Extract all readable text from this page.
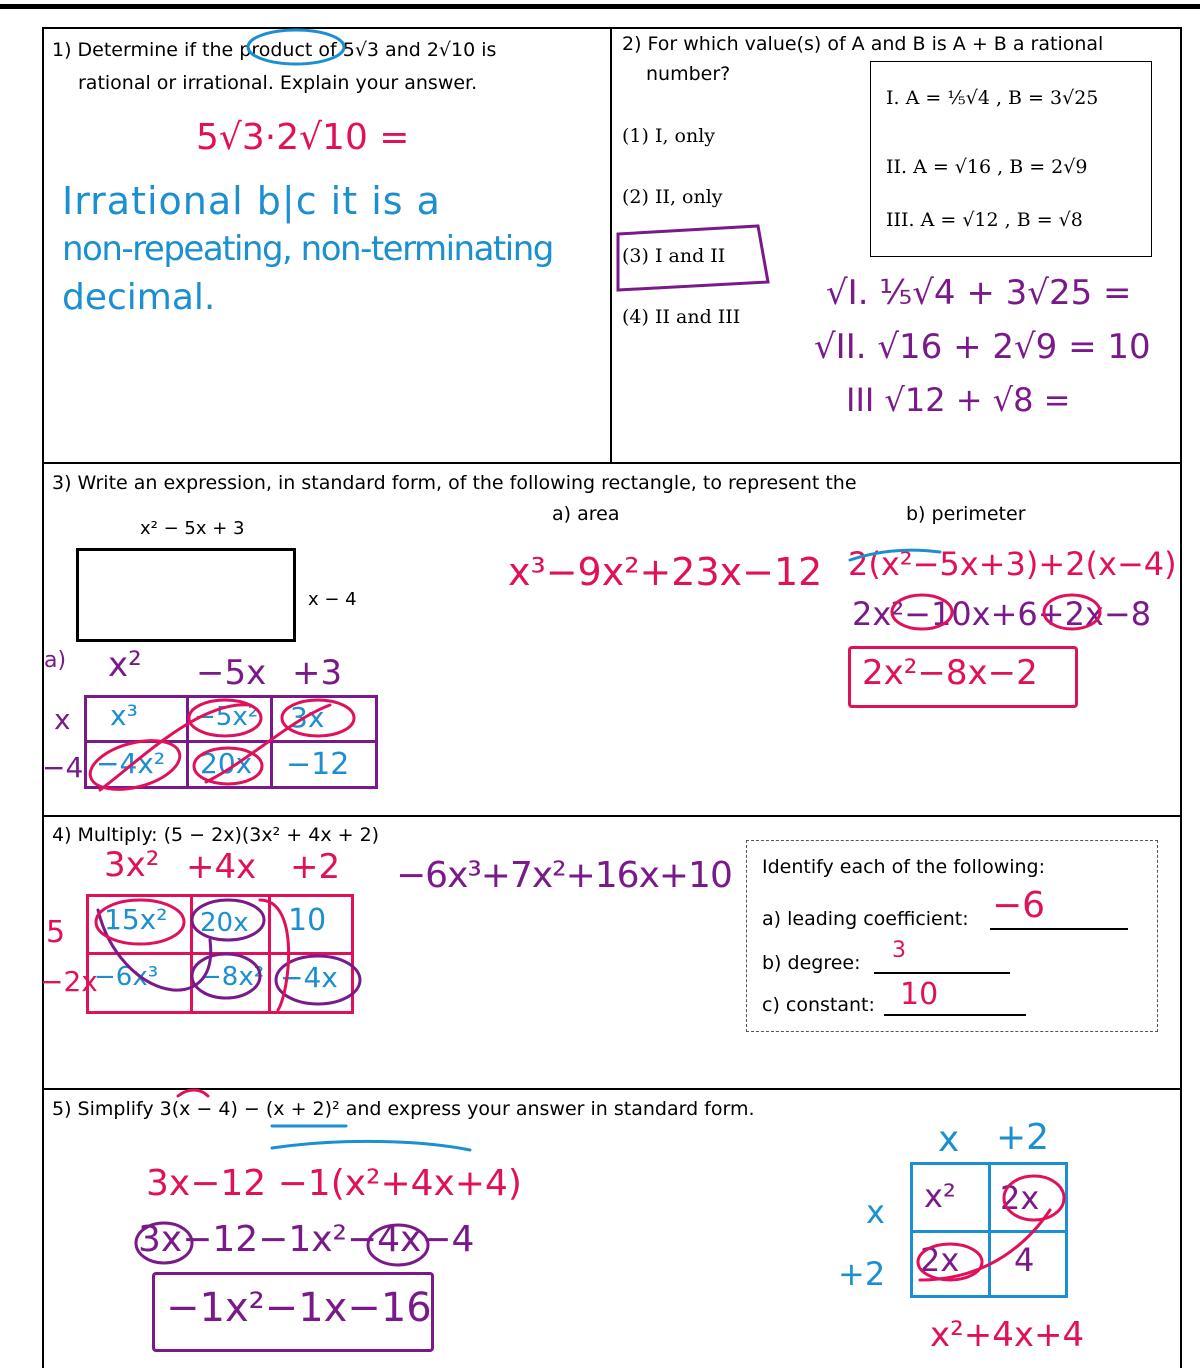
1) Determine if the product of 5√3 and 2√10 is
rational or irrational. Explain your answer.
5√3·2√10 =
Irrational b|c it is a
non-repeating, non-terminating
decimal.
2) For which value(s) of A and B is A + B a rational
number?
(1) I, only
(2) II, only
(3) I and II
(4) II and III
I. A = ⅕√4 , B = 3√25
II. A = √16 , B = 2√9
III. A = √12 , B = √8
√I. ⅕√4 + 3√25 =
√II. √16 + 2√9 = 10
III √12 + √8 =
3) Write an expression, in standard form, of the following rectangle, to represent the
a) area	b) perimeter
x² − 5x + 3
x − 4
x³−9x²+23x−12 2(x²−5x+3)+2(x−4)
2x²−10x+6+2x−8
2x²−8x−2
a) x² −5x +3
x
−4
x³ −5x² 3x
−4x² 20x −12
4) Multiply: (5 − 2x)(3x² + 4x + 2)
3x² +4x +2
5
−2x
15x² 20x 10
−6x³ −8x² −4x
−6x³+7x²+16x+10 Identify each of the following:
a) leading coefficient: −6
b) degree: 3
c) constant: 10
5) Simplify 3(x − 4) − (x + 2)² and express your answer in standard form.
3x−12 −1(x²+4x+4)
3x−12−1x²−4x−4
−1x²−1x−16
x +2
x
+2
x² 2x
2x 4
x²+4x+4
